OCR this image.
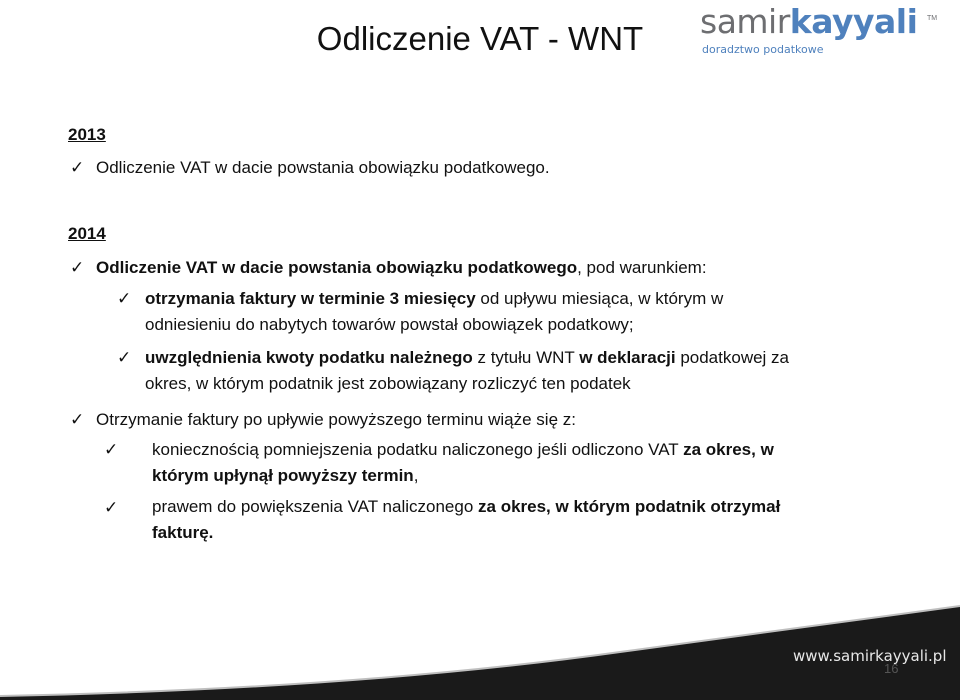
Odliczenie VAT - WNT	samirkayyali TM
doradztwo podatkowe
2013
✓ Odliczenie VAT w dacie powstania obowiązku podatkowego.
2014
✓ Odliczenie VAT w dacie powstania obowiązku podatkowego, pod warunkiem:
✓ otrzymania faktury w terminie 3 miesięcy od upływu miesiąca, w którym w
odniesieniu do nabytych towarów powstał obowiązek podatkowy;
✓ uwzględnienia kwoty podatku należnego z tytułu WNT w deklaracji podatkowej za
okres, w którym podatnik jest zobowiązany rozliczyć ten podatek
✓ Otrzymanie faktury po upływie powyższego terminu wiąże się z:
✓ koniecznością pomniejszenia podatku naliczonego jeśli odliczono VAT za okres, w
którym upłynął powyższy termin,
✓ prawem do powiększenia VAT naliczonego za okres, w którym podatnik otrzymał
fakturę.
www.samirkayyali.pl
16
